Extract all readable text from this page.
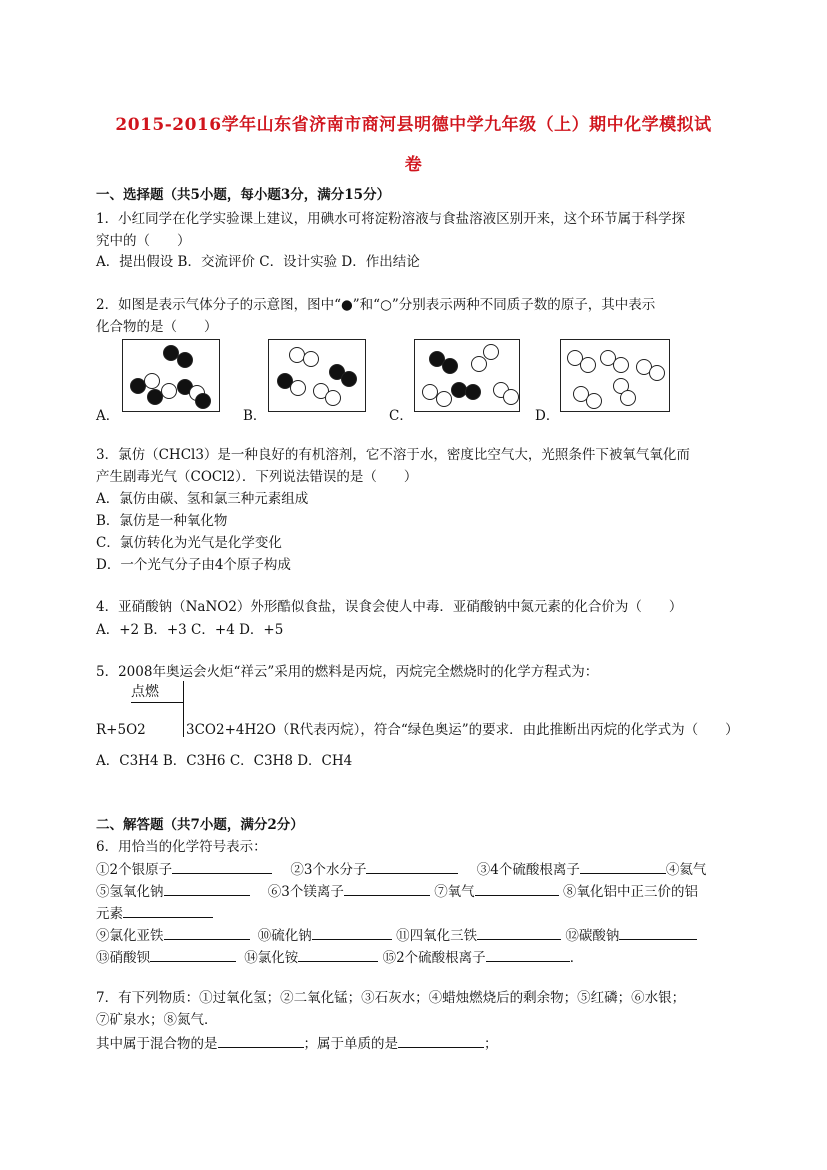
2015-2016学年山东省济南市商河县明德中学九年级（上）期中化学模拟试
卷
一、选择题（共5小题，每小题3分，满分15分）
1．小红同学在化学实验课上建议，用碘水可将淀粉溶液与食盐溶液区别开来，这个环节属于科学探
究中的（　　）
A．提出假设 B．交流评价 C．设计实验 D．作出结论
2．如图是表示气体分子的示意图，图中“●”和“○”分别表示两种不同质子数的原子，其中表示
化合物的是（　　）
A．	B．	C．	D．
3．氯仿（CHCl3）是一种良好的有机溶剂，它不溶于水，密度比空气大，光照条件下被氧气氧化而
产生剧毒光气（COCl2）．下列说法错误的是（　　）
A．氯仿由碳、氢和氯三种元素组成
B．氯仿是一种氧化物
C．氯仿转化为光气是化学变化
D．一个光气分子由4个原子构成
4．亚硝酸钠（NaNO2）外形酷似食盐，误食会使人中毒．亚硝酸钠中氮元素的化合价为（　　）
A．+2 B．+3 C．+4 D．+5
5．2008年奥运会火炬“祥云”采用的燃料是丙烷，丙烷完全燃烧时的化学方程式为：
点燃
R+5O2	3CO2+4H2O（R代表丙烷），符合“绿色奥运”的要求．由此推断出丙烷的化学式为（　　）
A．C3H4 B．C3H6 C．C3H8 D．CH4
二、解答题（共7小题，满分2分）
6．用恰当的化学符号表示：
①2个银原子	②3个水分子	③4个硫酸根离子	④氦气
⑤氢氧化钠	⑥3个镁离子	⑦氧气	⑧氧化铝中正三价的铝
元素
⑨氯化亚铁	⑩硫化钠	⑪四氧化三铁	⑫碳酸钠
⑬硝酸钡	⑭氯化铵	⑮2个硫酸根离子	．
7．有下列物质：①过氧化氢；②二氧化锰；③石灰水；④蜡烛燃烧后的剩余物；⑤红磷；⑥水银；
⑦矿泉水；⑧氮气．
其中属于混合物的是	；属于单质的是	；
